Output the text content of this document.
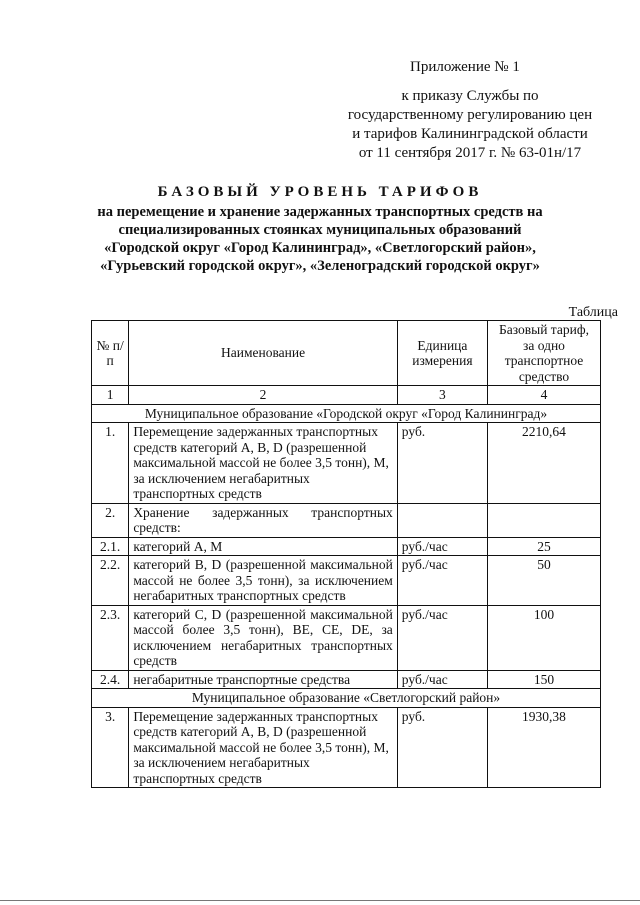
Приложение № 1
к приказу Службы по
государственному регулированию цен
и тарифов Калининградской области
от 11 сентября 2017 г. № 63-01н/17
БАЗОВЫЙ УРОВЕНЬ ТАРИФОВ
на перемещение и хранение задержанных транспортных средств на
специализированных стоянках муниципальных образований
«Городской округ «Город Калининград», «Светлогорский район»,
«Гурьевский городской округ», «Зеленоградский городской округ»
Таблица
№ п/п	Наименование	Единица измерения	Базовый тариф, за одно транспортное средство
1	2	3	4
Муниципальное образование «Городской округ «Город Калининград»			
1.	Перемещение задержанных транспортных средств категорий A, B, D (разрешенной максимальной массой не более 3,5 тонн), M, за исключением негабаритных транспортных средств	руб.	2210,64
2.	Хранение задержанных транспортных средств:		
2.1.	категорий A, M	руб./час	25
2.2.	категорий B, D (разрешенной максимальной массой не более 3,5 тонн), за исключением негабаритных транспортных средств	руб./час	50
2.3.	категорий C, D (разрешенной максимальной массой более 3,5 тонн), BE, CE, DE, за исключением негабаритных транспортных средств	руб./час	100
2.4.	негабаритные транспортные средства	руб./час	150
Муниципальное образование «Светлогорский район»			
3.	Перемещение задержанных транспортных средств категорий A, B, D (разрешенной максимальной массой не более 3,5 тонн), M, за исключением негабаритных транспортных средств	руб.	1930,38
